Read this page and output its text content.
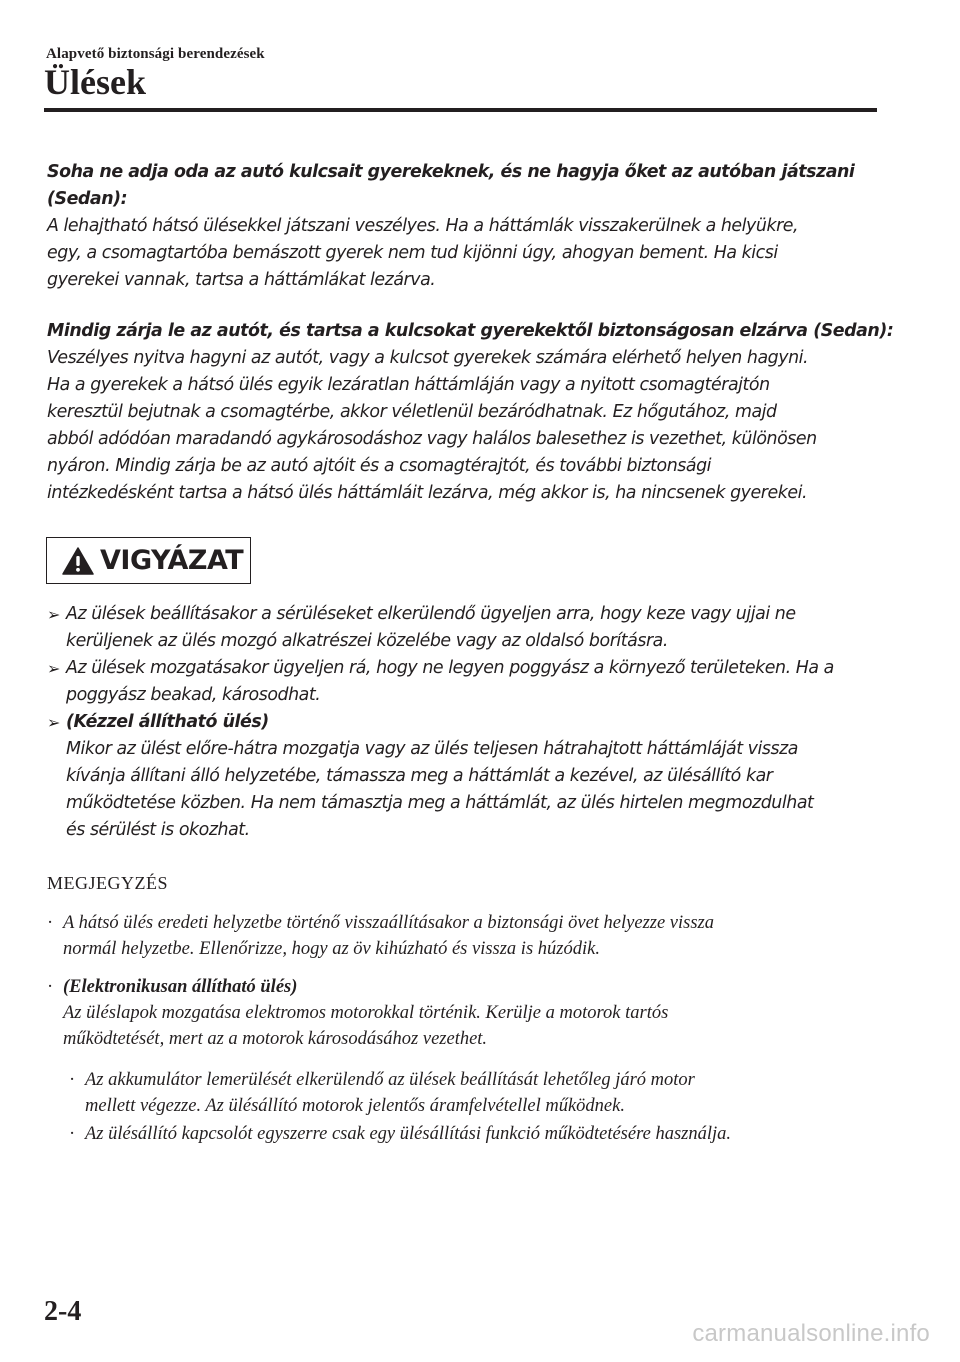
Alapvető biztonsági berendezések
Ülések
Soha ne adja oda az autó kulcsait gyerekeknek, és ne hagyja őket az autóban játszani
(Sedan):
A lehajtható hátsó ülésekkel játszani veszélyes. Ha a háttámlák visszakerülnek a helyükre,
egy, a csomagtartóba bemászott gyerek nem tud kijönni úgy, ahogyan bement. Ha kicsi
gyerekei vannak, tartsa a háttámlákat lezárva.
Mindig zárja le az autót, és tartsa a kulcsokat gyerekektől biztonságosan elzárva (Sedan):
Veszélyes nyitva hagyni az autót, vagy a kulcsot gyerekek számára elérhető helyen hagyni.
Ha a gyerekek a hátsó ülés egyik lezáratlan háttámláján vagy a nyitott csomagtérajtón
keresztül bejutnak a csomagtérbe, akkor véletlenül bezáródhatnak. Ez hőgutához, majd
abból adódóan maradandó agykárosodáshoz vagy halálos balesethez is vezethet, különösen
nyáron. Mindig zárja be az autó ajtóit és a csomagtérajtót, és további biztonsági
intézkedésként tartsa a hátsó ülés háttámláit lezárva, még akkor is, ha nincsenek gyerekei.
VIGYÁZAT
➢ Az ülések beállításakor a sérüléseket elkerülendő ügyeljen arra, hogy keze vagy ujjai ne
kerüljenek az ülés mozgó alkatrészei közelébe vagy az oldalsó borításra.
➢ Az ülések mozgatásakor ügyeljen rá, hogy ne legyen poggyász a környező területeken. Ha a
poggyász beakad, károsodhat.
➢ (Kézzel állítható ülés)
Mikor az ülést előre-hátra mozgatja vagy az ülés teljesen hátrahajtott háttámláját vissza
kívánja állítani álló helyzetébe, támassza meg a háttámlát a kezével, az ülésállító kar
működtetése közben. Ha nem támasztja meg a háttámlát, az ülés hirtelen megmozdulhat
és sérülést is okozhat.
MEGJEGYZÉS
· A hátsó ülés eredeti helyzetbe történő visszaállításakor a biztonsági övet helyezze vissza
normál helyzetbe. Ellenőrizze, hogy az öv kihúzható és vissza is húzódik.
· (Elektronikusan állítható ülés)
Az üléslapok mozgatása elektromos motorokkal történik. Kerülje a motorok tartós
működtetését, mert az a motorok károsodásához vezethet.
· Az akkumulátor lemerülését elkerülendő az ülések beállítását lehetőleg járó motor
mellett végezze. Az ülésállító motorok jelentős áramfelvétellel működnek.
· Az ülésállító kapcsolót egyszerre csak egy ülésállítási funkció működtetésére használja.
2-4
carmanualsonline.info
